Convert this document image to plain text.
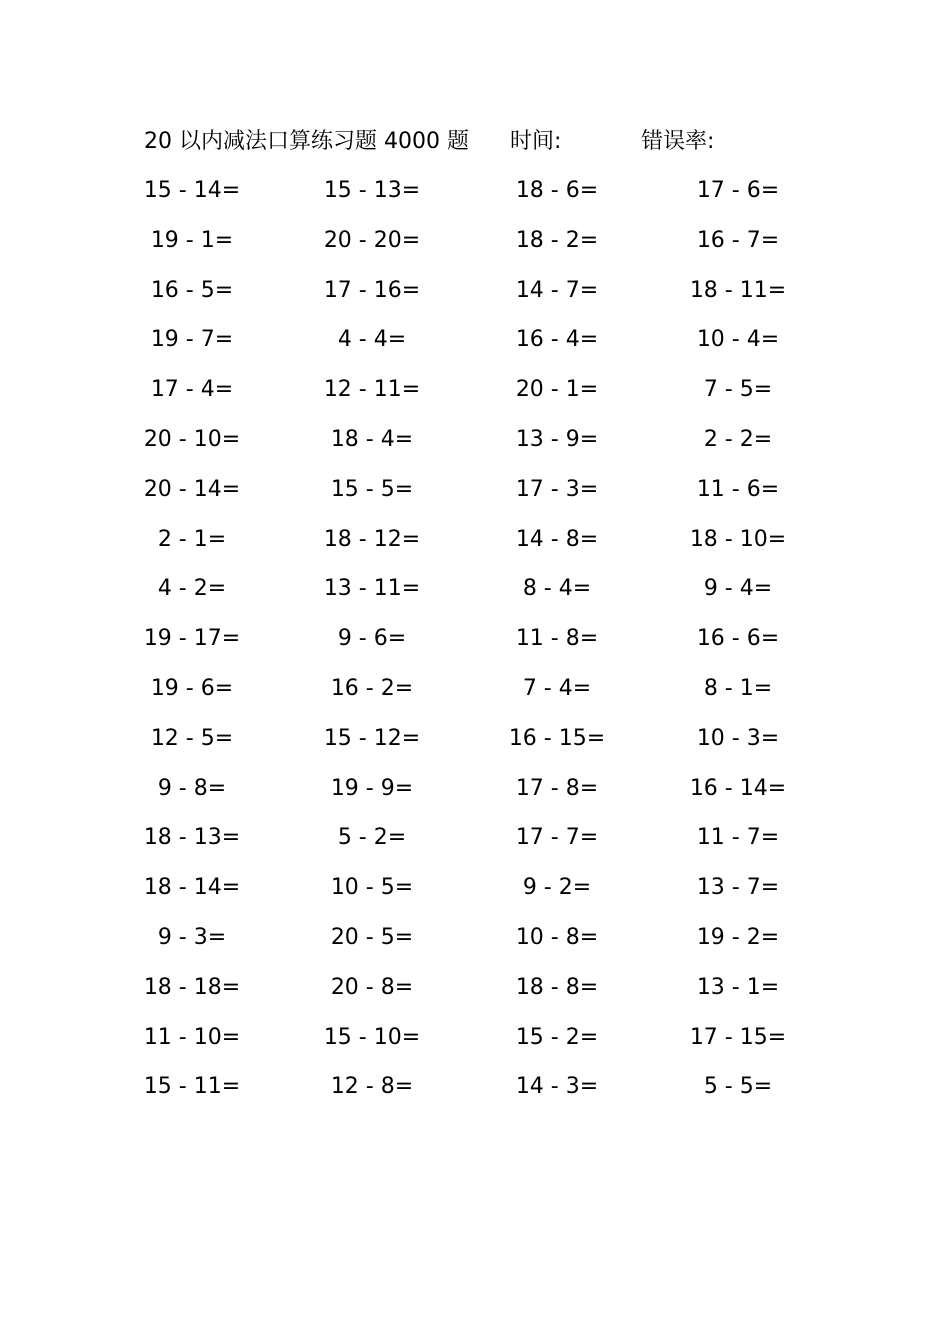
20 以内减法口算练习题 4000 题 时间:	错误率:
15 - 14=	15 - 13=	18 - 6=	17 - 6=
19 - 1=	20 - 20=	18 - 2=	16 - 7=
16 - 5=	17 - 16=	14 - 7=	18 - 11=
19 - 7=	4 - 4=	16 - 4=	10 - 4=
17 - 4=	12 - 11=	20 - 1=	7 - 5=
20 - 10=	18 - 4=	13 - 9=	2 - 2=
20 - 14=	15 - 5=	17 - 3=	11 - 6=
2 - 1=	18 - 12=	14 - 8=	18 - 10=
4 - 2=	13 - 11=	8 - 4=	9 - 4=
19 - 17=	9 - 6=	11 - 8=	16 - 6=
19 - 6=	16 - 2=	7 - 4=	8 - 1=
12 - 5=	15 - 12=	16 - 15=	10 - 3=
9 - 8=	19 - 9=	17 - 8=	16 - 14=
18 - 13=	5 - 2=	17 - 7=	11 - 7=
18 - 14=	10 - 5=	9 - 2=	13 - 7=
9 - 3=	20 - 5=	10 - 8=	19 - 2=
18 - 18=	20 - 8=	18 - 8=	13 - 1=
11 - 10=	15 - 10=	15 - 2=	17 - 15=
15 - 11=	12 - 8=	14 - 3=	5 - 5=
